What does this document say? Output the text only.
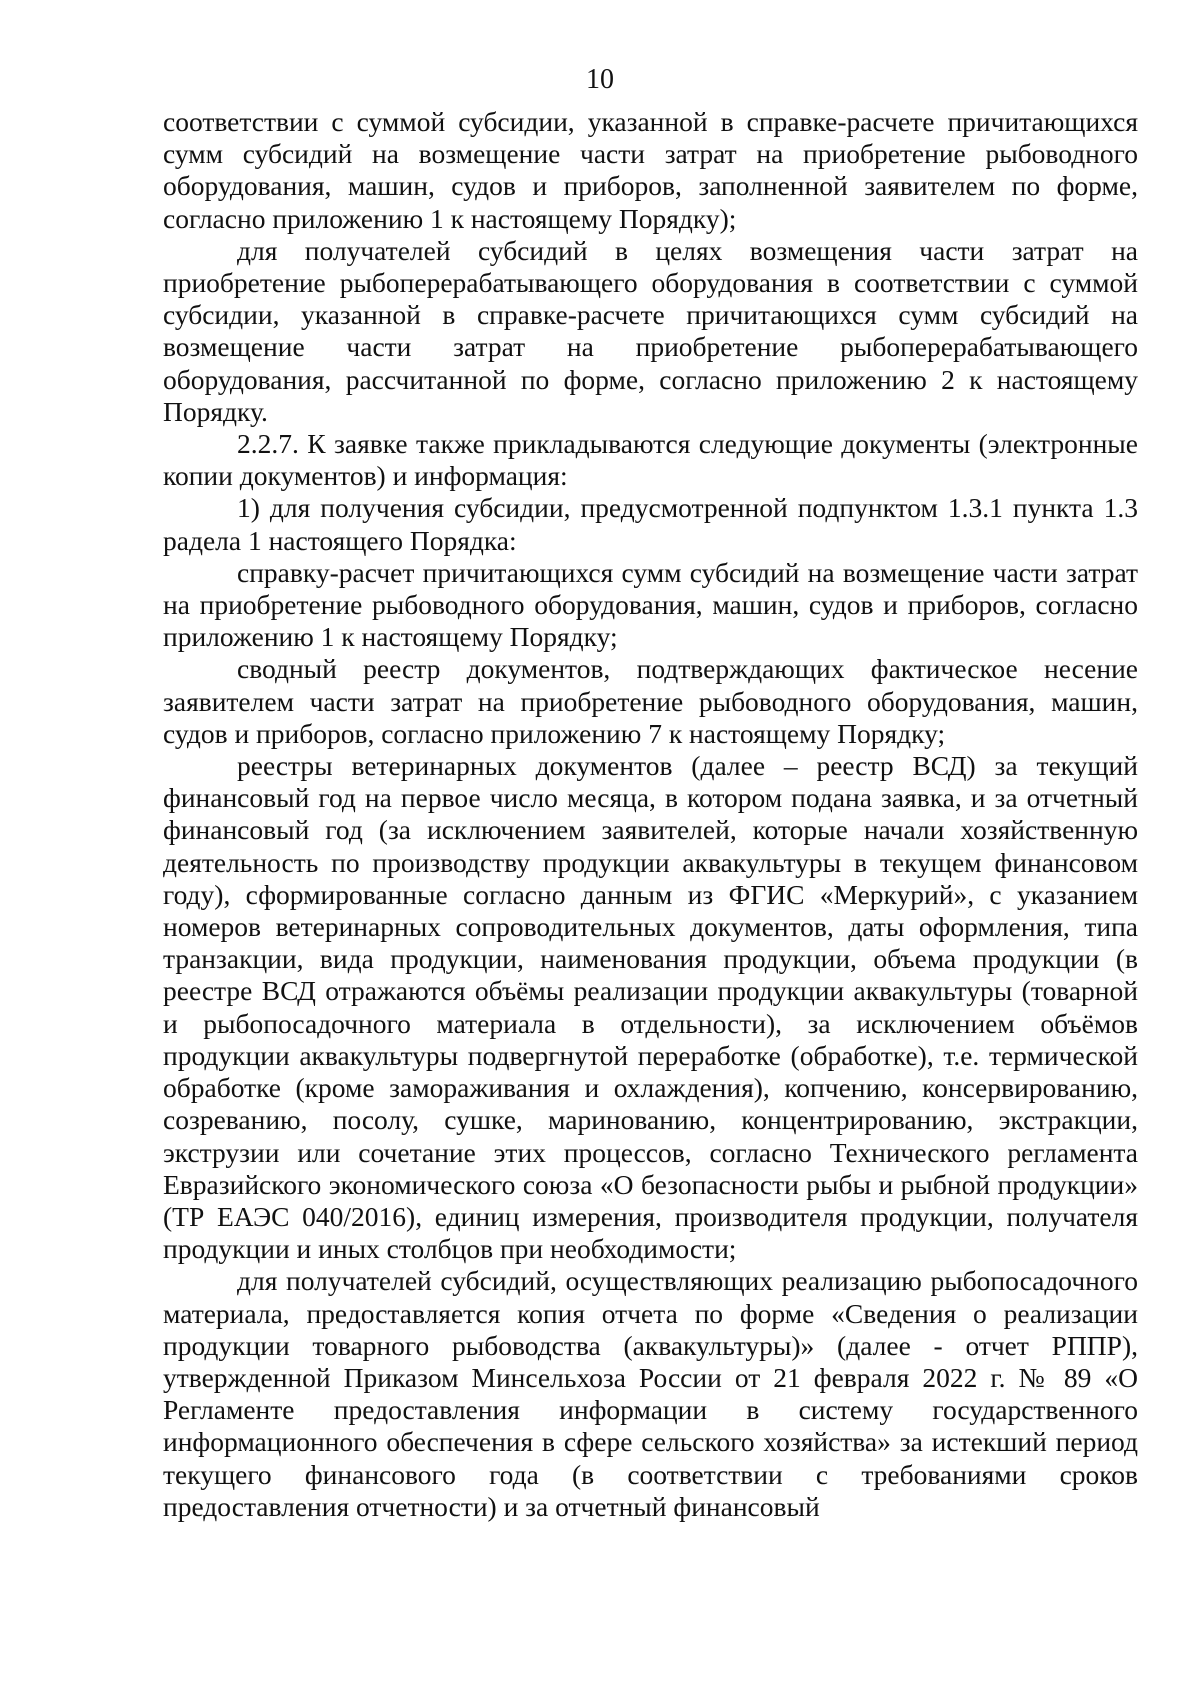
10

соответствии с суммой субсидии, указанной в справке-расчете причитающихся сумм субсидий на возмещение части затрат на приобретение рыбоводного оборудования, машин, судов и приборов, заполненной заявителем по форме, согласно приложению 1 к настоящему Порядку);

для получателей субсидий в целях возмещения части затрат на приобретение рыбоперерабатывающего оборудования в соответствии с суммой субсидии, указанной в справке-расчете причитающихся сумм субсидий на возмещение части затрат на приобретение рыбоперерабатывающего оборудования, рассчитанной по форме, согласно приложению 2 к настоящему Порядку.

2.2.7. К заявке также прикладываются следующие документы (электронные копии документов) и информация:

1) для получения субсидии, предусмотренной подпунктом 1.3.1 пункта 1.3 радела 1 настоящего Порядка:

справку-расчет причитающихся сумм субсидий на возмещение части затрат на приобретение рыбоводного оборудования, машин, судов и приборов, согласно приложению 1 к настоящему Порядку;

сводный реестр документов, подтверждающих фактическое несение заявителем части затрат на приобретение рыбоводного оборудования, машин, судов и приборов, согласно приложению 7 к настоящему Порядку;

реестры ветеринарных документов (далее – реестр ВСД) за текущий финансовый год на первое число месяца, в котором подана заявка, и за отчетный финансовый год (за исключением заявителей, которые начали хозяйственную деятельность по производству продукции аквакультуры в текущем финансовом году), сформированные согласно данным из ФГИС «Меркурий», с указанием номеров ветеринарных сопроводительных документов, даты оформления, типа транзакции, вида продукции, наименования продукции, объема продукции (в реестре ВСД отражаются объёмы реализации продукции аквакультуры (товарной и рыбопосадочного материала в отдельности), за исключением объёмов продукции аквакультуры подвергнутой переработке (обработке), т.е. термической обработке (кроме замораживания и охлаждения), копчению, консервированию, созреванию, посолу, сушке, маринованию, концентрированию, экстракции, экструзии или сочетание этих процессов, согласно Технического регламента Евразийского экономического союза «О безопасности рыбы и рыбной продукции» (ТР ЕАЭС 040/2016), единиц измерения, производителя продукции, получателя продукции и иных столбцов при необходимости;

для получателей субсидий, осуществляющих реализацию рыбопосадочного материала, предоставляется копия отчета по форме «Сведения о реализации продукции товарного рыбоводства (аквакультуры)» (далее - отчет РППР), утвержденной Приказом Минсельхоза России от 21 февраля 2022 г. № 89 «О Регламенте предоставления информации в систему государственного информационного обеспечения в сфере сельского хозяйства» за истекший период текущего финансового года (в соответствии с требованиями сроков предоставления отчетности) и за отчетный финансовый
